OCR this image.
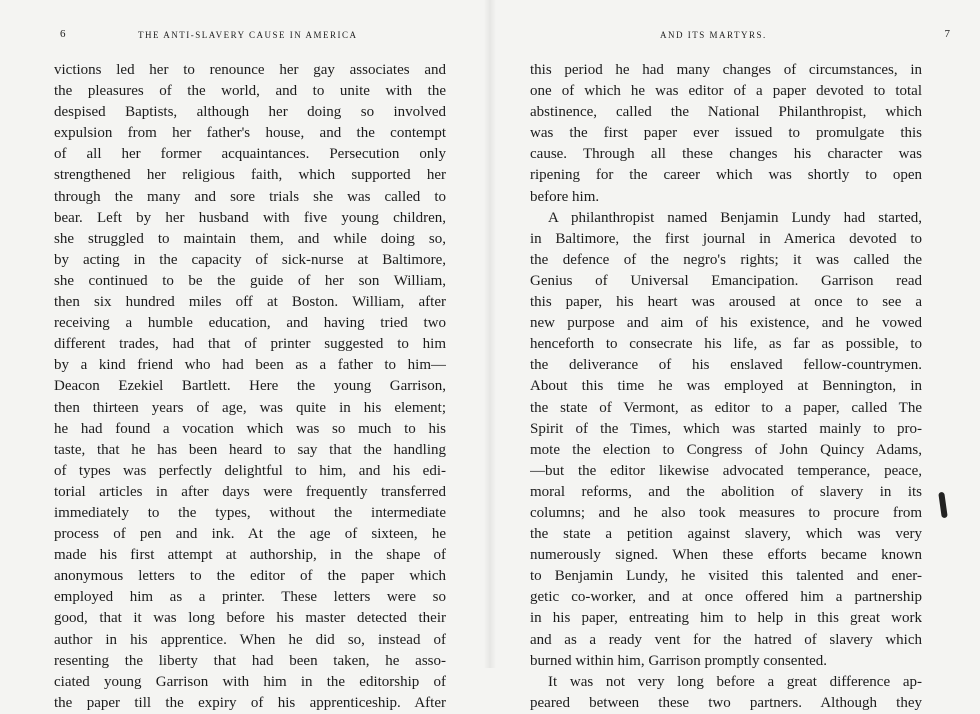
6	THE ANTI-SLAVERY CAUSE IN AMERICA
victions led her to renounce her gay associates and
the pleasures of the world, and to unite with the
despised Baptists, although her doing so involved
expulsion from her father's house, and the contempt
of all her former acquaintances. Persecution only
strengthened her religious faith, which supported her
through the many and sore trials she was called to
bear. Left by her husband with five young children,
she struggled to maintain them, and while doing so,
by acting in the capacity of sick-nurse at Baltimore,
she continued to be the guide of her son William,
then six hundred miles off at Boston. William, after
receiving a humble education, and having tried two
different trades, had that of printer suggested to him
by a kind friend who had been as a father to him—
Deacon Ezekiel Bartlett. Here the young Garrison,
then thirteen years of age, was quite in his element;
he had found a vocation which was so much to his
taste, that he has been heard to say that the handling
of types was perfectly delightful to him, and his edi-
torial articles in after days were frequently transferred
immediately to the types, without the intermediate
process of pen and ink. At the age of sixteen, he
made his first attempt at authorship, in the shape of
anonymous letters to the editor of the paper which
employed him as a printer. These letters were so
good, that it was long before his master detected their
author in his apprentice. When he did so, instead of
resenting the liberty that had been taken, he asso-
ciated young Garrison with him in the editorship of
the paper till the expiry of his apprenticeship. After
AND ITS MARTYRS.	7
this period he had many changes of circumstances, in
one of which he was editor of a paper devoted to total
abstinence, called the National Philanthropist, which
was the first paper ever issued to promulgate this
cause. Through all these changes his character was
ripening for the career which was shortly to open
before him.
A philanthropist named Benjamin Lundy had started,
in Baltimore, the first journal in America devoted to
the defence of the negro's rights; it was called the
Genius of Universal Emancipation. Garrison read
this paper, his heart was aroused at once to see a
new purpose and aim of his existence, and he vowed
henceforth to consecrate his life, as far as possible, to
the deliverance of his enslaved fellow-countrymen.
About this time he was employed at Bennington, in
the state of Vermont, as editor to a paper, called The
Spirit of the Times, which was started mainly to pro-
mote the election to Congress of John Quincy Adams,
—but the editor likewise advocated temperance, peace,
moral reforms, and the abolition of slavery in its
columns; and he also took measures to procure from
the state a petition against slavery, which was very
numerously signed. When these efforts became known
to Benjamin Lundy, he visited this talented and ener-
getic co-worker, and at once offered him a partnership
in his paper, entreating him to help in this great work
and as a ready vent for the hatred of slavery which
burned within him, Garrison promptly consented.
It was not very long before a great difference ap-
peared between these two partners. Although they
